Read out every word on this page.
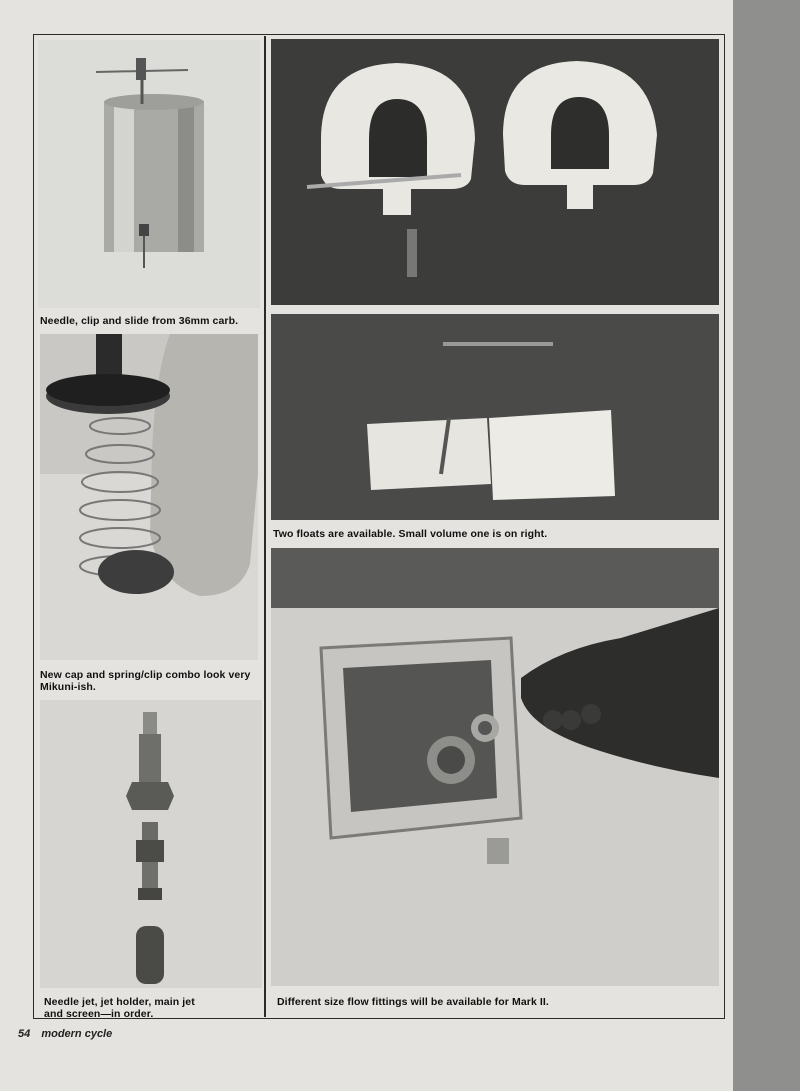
Needle, clip and slide from 36mm carb.
New cap and spring/clip combo look very
Mikuni-ish.
Needle jet, jet holder, main jet
and screen—in order.
Two floats are available. Small volume one is on right.
Different size flow fittings will be available for Mark II.
54 modern cycle
